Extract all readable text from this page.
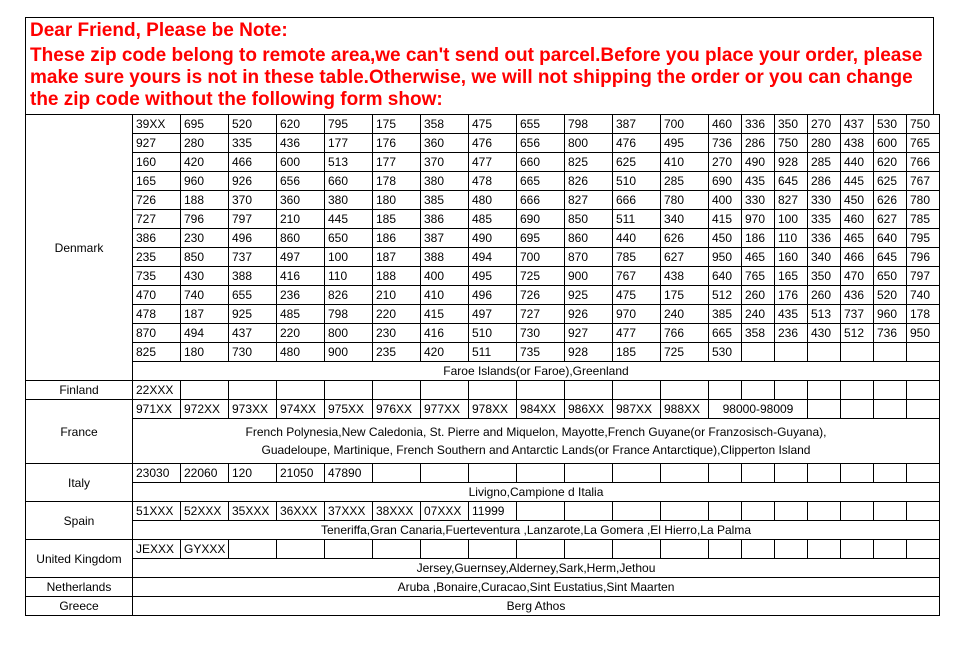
Dear Friend, Please be Note:
These zip code belong to remote area,we can't send out parcel.Before you place your order, please make sure yours is not in these table.Otherwise, we will not shipping the order or you can change the zip code without the following form show:
Denmark	39XX	695	520	620	795	175	358	475	655	798	387	700	460	336	350	270	437	530	750
	927	280	335	436	177	176	360	476	656	800	476	495	736	286	750	280	438	600	765
	160	420	466	600	513	177	370	477	660	825	625	410	270	490	928	285	440	620	766
	165	960	926	656	660	178	380	478	665	826	510	285	690	435	645	286	445	625	767
	726	188	370	360	380	180	385	480	666	827	666	780	400	330	827	330	450	626	780
	727	796	797	210	445	185	386	485	690	850	511	340	415	970	100	335	460	627	785
	386	230	496	860	650	186	387	490	695	860	440	626	450	186	110	336	465	640	795
	235	850	737	497	100	187	388	494	700	870	785	627	950	465	160	340	466	645	796
	735	430	388	416	110	188	400	495	725	900	767	438	640	765	165	350	470	650	797
	470	740	655	236	826	210	410	496	726	925	475	175	512	260	176	260	436	520	740
	478	187	925	485	798	220	415	497	727	926	970	240	385	240	435	513	737	960	178
	870	494	437	220	800	230	416	510	730	927	477	766	665	358	236	430	512	736	950
	825	180	730	480	900	235	420	511	735	928	185	725	530						
	Faroe Islands(or Faroe),Greenland																		
Finland	22XXX																		
France	971XX	972XX	973XX	974XX	975XX	976XX	977XX	978XX	984XX	986XX	987XX	988XX	98000-98009						

	French Polynesia,New Caledonia, St. Pierre and Miquelon, Mayotte,French Guyane(or Franzosisch-Guyana),
Guadeloupe, Martinique, French Southern and Antarctic Lands(or France Antarctique),Clipperton Island																		

Italy	23030	22060	120	21050	47890														
	Livigno,Campione d Italia																		
Spain	51XXX	52XXX	35XXX	36XXX	37XXX	38XXX	07XXX	11999											
	Teneriffa,Gran Canaria,Fuerteventura ,Lanzarote,La Gomera ,El Hierro,La Palma																		
United Kingdom	JEXXX	GYXXX																	
	Jersey,Guernsey,Alderney,Sark,Herm,Jethou																		
Netherlands	Aruba ,Bonaire,Curacao,Sint Eustatius,Sint Maarten																		
Greece	Berg Athos																		
